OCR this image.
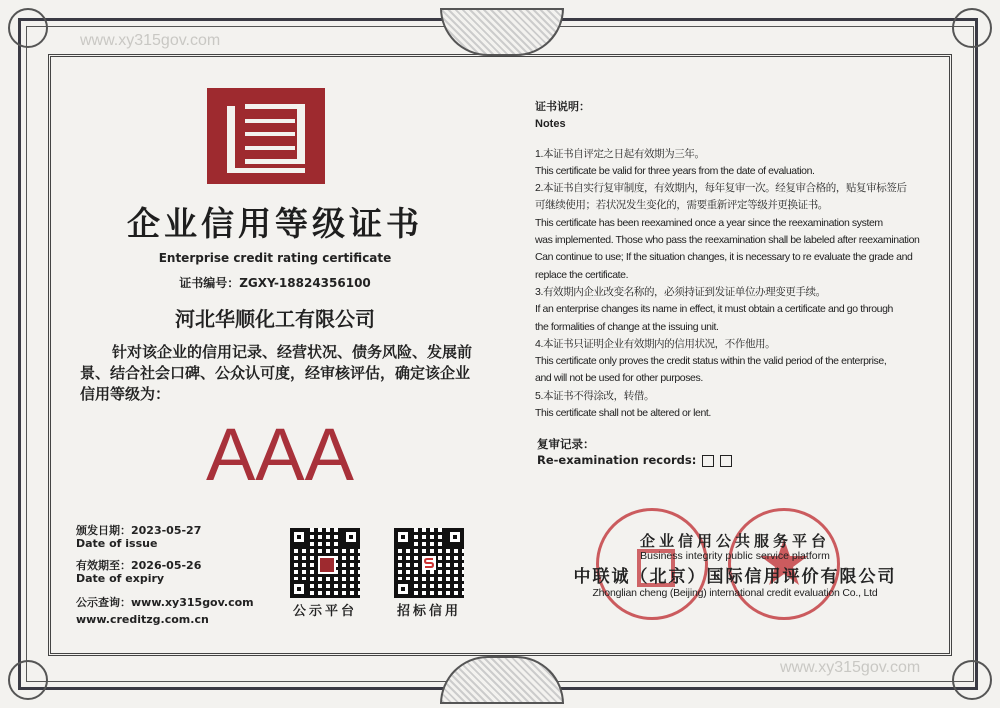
www.xy315gov.com
www.xy315gov.com
企业信用等级证书
Enterprise credit rating certificate
证书编号：ZGXY-18824356100
河北华顺化工有限公司
针对该企业的信用记录、经营状况、债务风险、发展前景、结合社会口碑、公众认可度，经审核评估，确定该企业信用等级为：
AAA
颁发日期：2023-05-27
Date of issue
有效期至：2026-05-26
Date of expiry
公示查询：www.xy315gov.com
www.creditzg.com.cn
公示平台	招标信用
证书说明：
Notes
1.本证书自评定之日起有效期为三年。
This certificate be valid for three years from the date of evaluation.
2.本证书自实行复审制度，有效期内，每年复审一次。经复审合格的，贴复审标签后
可继续使用；若状况发生变化的，需要重新评定等级并更换证书。
This certificate has been reexamined once a year since the reexamination system
was implemented. Those who pass the reexamination shall be labeled after reexamination
Can continue to use; If the situation changes, it is necessary to re evaluate the grade and
replace the certificate.
3.有效期内企业改变名称的，必须持证到发证单位办理变更手续。
If an enterprise changes its name in effect, it must obtain a certificate and go through
the formalities of change at the issuing unit.
4.本证书只证明企业有效期内的信用状况，不作他用。
This certificate only proves the credit status within the valid period of the enterprise,
and will not be used for other purposes.
5.本证书不得涂改，转借。
This certificate shall not be altered or lent.
复审记录：
Re-examination records:
企业信用公共服务平台
Business integrity public service platform
中联诚（北京）国际信用评价有限公司
Zhonglian cheng (Beijing) international credit evaluation Co., Ltd
